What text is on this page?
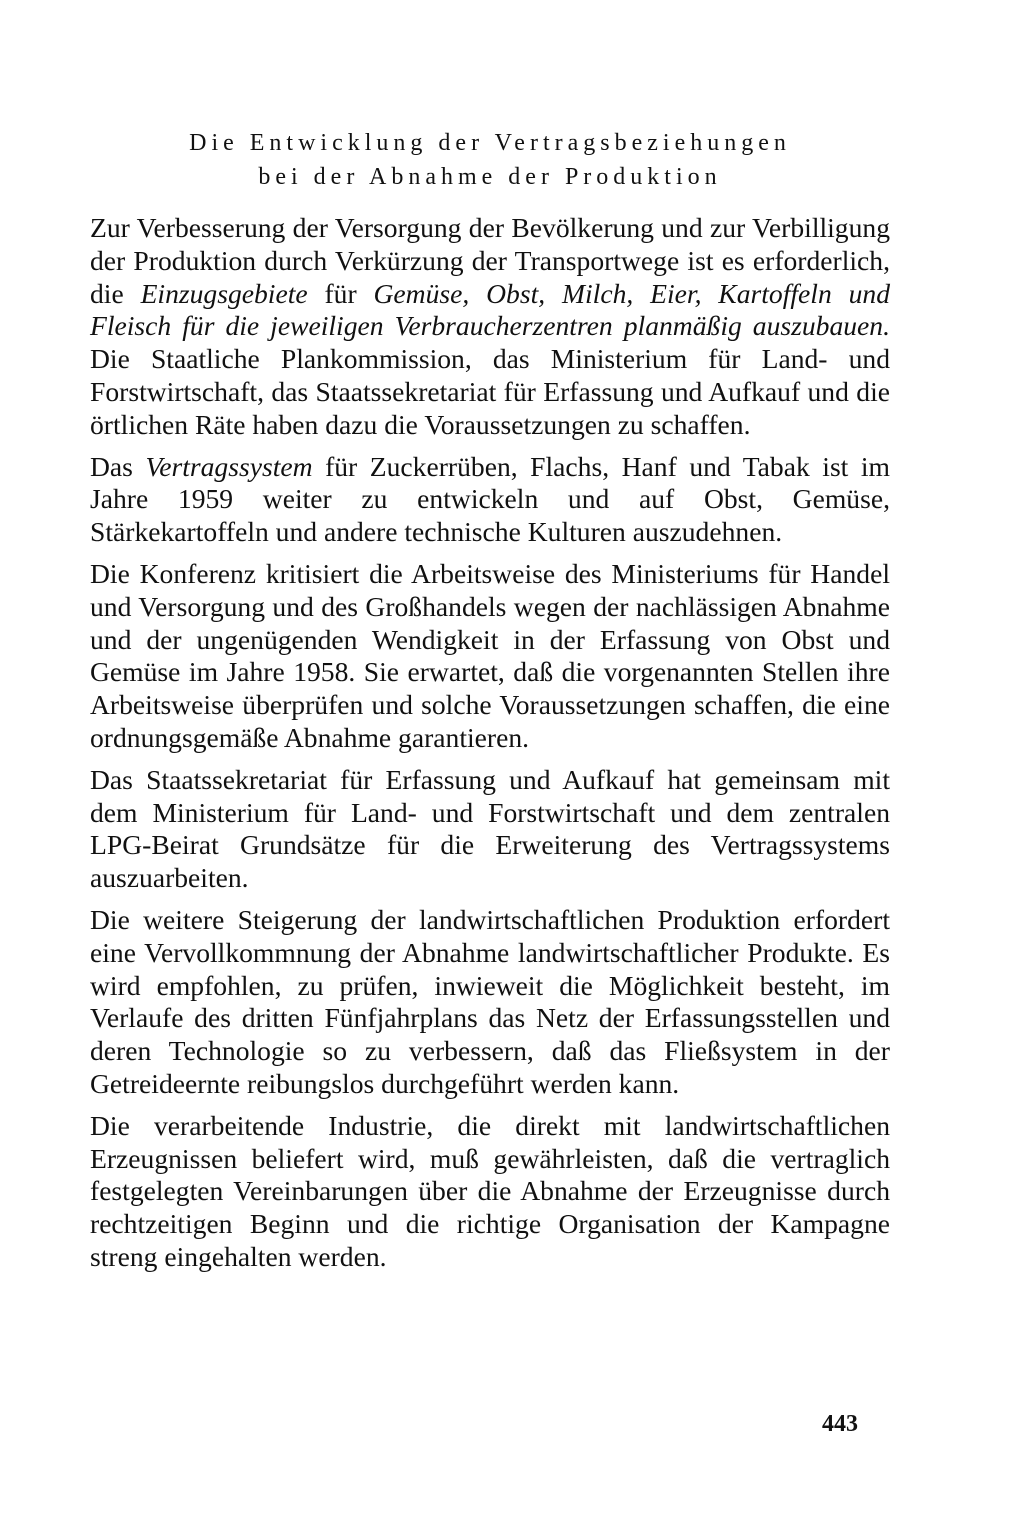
Die Entwicklung der Vertragsbeziehungen
bei der Abnahme der Produktion

Zur Verbesserung der Versorgung der Bevölkerung und zur Verbilligung der Produktion durch Verkürzung der Transportwege ist es erforderlich, die Einzugsgebiete für Gemüse, Obst, Milch, Eier, Kartoffeln und Fleisch für die jeweiligen Verbraucherzentren planmäßig auszubauen. Die Staatliche Plankommission, das Ministerium für Land- und Forstwirtschaft, das Staatssekretariat für Erfassung und Aufkauf und die örtlichen Räte haben dazu die Voraussetzungen zu schaffen.

Das Vertragssystem für Zuckerrüben, Flachs, Hanf und Tabak ist im Jahre 1959 weiter zu entwickeln und auf Obst, Gemüse, Stärkekartoffeln und andere technische Kulturen auszudehnen.

Die Konferenz kritisiert die Arbeitsweise des Ministeriums für Handel und Versorgung und des Großhandels wegen der nachlässigen Abnahme und der ungenügenden Wendigkeit in der Erfassung von Obst und Gemüse im Jahre 1958. Sie erwartet, daß die vorgenannten Stellen ihre Arbeitsweise überprüfen und solche Voraussetzungen schaffen, die eine ordnungsgemäße Abnahme garantieren.

Das Staatssekretariat für Erfassung und Aufkauf hat gemeinsam mit dem Ministerium für Land- und Forstwirtschaft und dem zentralen LPG-Beirat Grundsätze für die Erweiterung des Vertragssystems auszuarbeiten.

Die weitere Steigerung der landwirtschaftlichen Produktion erfordert eine Vervollkommnung der Abnahme landwirtschaftlicher Produkte. Es wird empfohlen, zu prüfen, inwieweit die Möglichkeit besteht, im Verlaufe des dritten Fünfjahrplans das Netz der Erfassungsstellen und deren Technologie so zu verbessern, daß das Fließsystem in der Getreideernte reibungslos durchgeführt werden kann.

Die verarbeitende Industrie, die direkt mit landwirtschaftlichen Erzeugnissen beliefert wird, muß gewährleisten, daß die vertraglich festgelegten Vereinbarungen über die Abnahme der Erzeugnisse durch rechtzeitigen Beginn und die richtige Organisation der Kampagne streng eingehalten werden.

443
